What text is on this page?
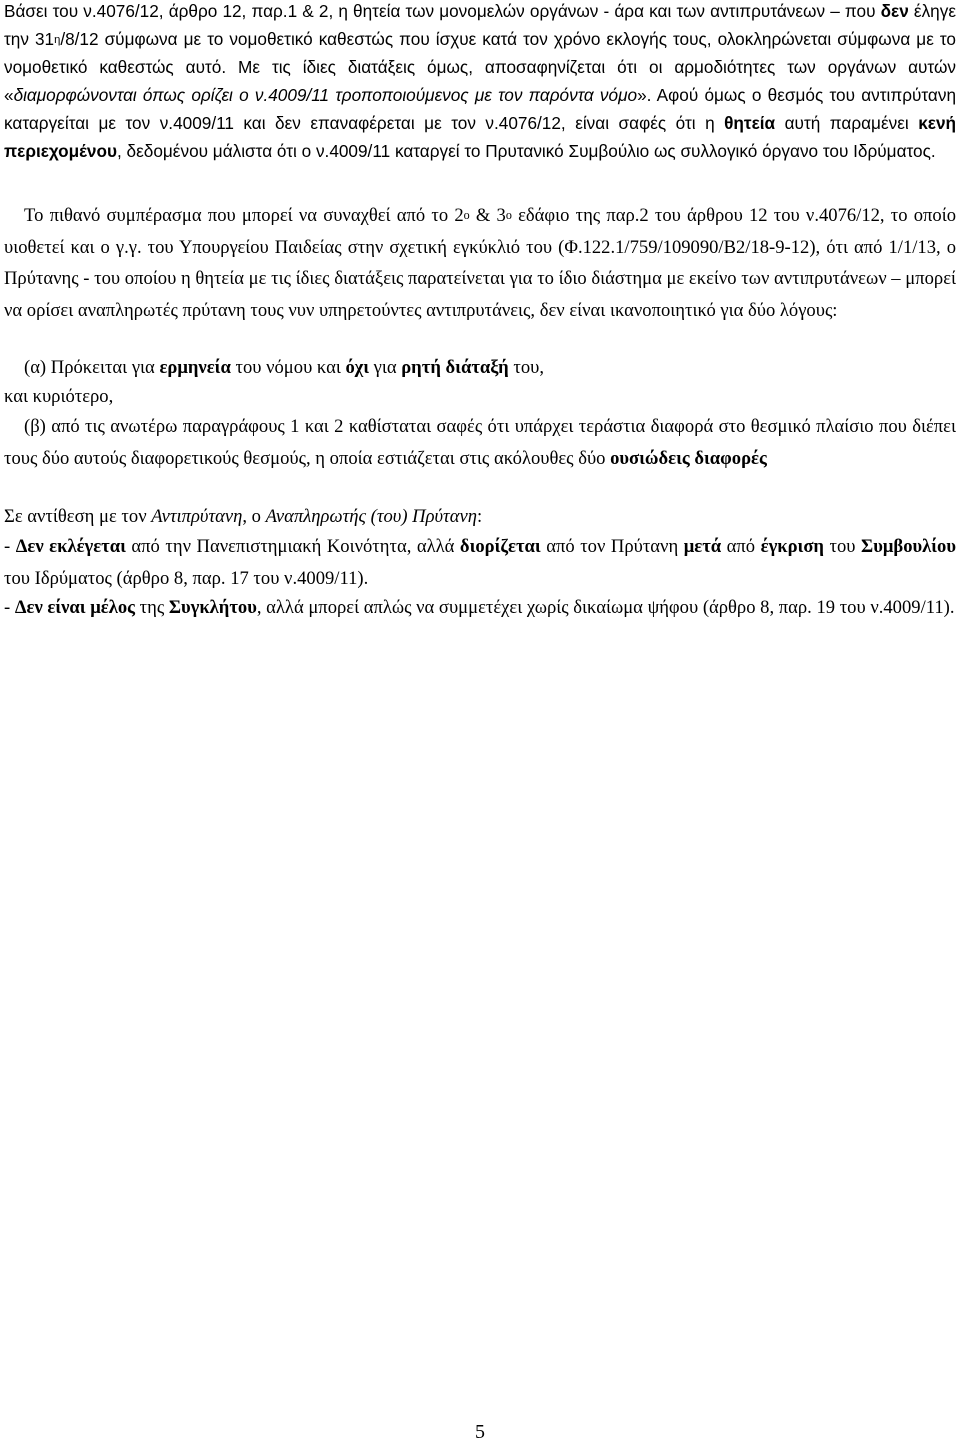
Βάσει του ν.4076/12, άρθρο 12, παρ.1 & 2, η θητεία των μονομελών οργάνων - άρα και των αντιπρυτάνεων – που δεν έληγε την $31^\eta/8/12$ σύμφωνα με το νομοθετικό καθεστώς που ίσχυε κατά τον χρόνο εκλογής τους, ολοκληρώνεται σύμφωνα με το νομοθετικό καθεστώς αυτό. Με τις ίδιες διατάξεις όμως, αποσαφηνίζεται ότι οι αρμοδιότητες των οργάνων αυτών «διαμορφώνονται όπως ορίζει ο ν.4009/11 τροποποιούμενος με τον παρόντα νόμο». Αφού όμως ο θεσμός του αντιπρύτανη καταργείται με τον ν.4009/11 και δεν επαναφέρεται με τον ν.4076/12, είναι σαφές ότι η θητεία αυτή παραμένει κενή περιεχομένου, δεδομένου μάλιστα ότι ο ν.4009/11 καταργεί το Πρυτανικό Συμβούλιο ως συλλογικό όργανο του Ιδρύματος.

Το πιθανό συμπέρασμα που μπορεί να συναχθεί από το $2^o$ & $3^o$ εδάφιο της παρ.2 του άρθρου 12 του ν.4076/12, το οποίο υιοθετεί και ο γ.γ. του Υπουργείου Παιδείας στην σχετική εγκύκλιό του (Φ.122.1/759/109090/Β2/18-9-12), ότι από 1/1/13, ο Πρύτανης - του οποίου η θητεία με τις ίδιες διατάξεις παρατείνεται για το ίδιο διάστημα με εκείνο των αντιπρυτάνεων – μπορεί να ορίσει αναπληρωτές πρύτανη τους νυν υπηρετούντες αντιπρυτάνεις, δεν είναι ικανοποιητικό για δύο λόγους:

(α) Πρόκειται για ερμηνεία του νόμου και όχι για ρητή διάταξή του,

και κυριότερο,

(β) από τις ανωτέρω παραγράφους 1 και 2 καθίσταται σαφές ότι υπάρχει τεράστια διαφορά στο θεσμικό πλαίσιο που διέπει τους δύο αυτούς διαφορετικούς θεσμούς, η οποία εστιάζεται στις ακόλουθες δύο ουσιώδεις διαφορές

Σε αντίθεση με τον Αντιπρύτανη, ο Αναπληρωτής (του) Πρύτανη:

- Δεν εκλέγεται από την Πανεπιστημιακή Κοινότητα, αλλά διορίζεται από τον Πρύτανη μετά από έγκριση του Συμβουλίου του Ιδρύματος (άρθρο 8, παρ. 17 του ν.4009/11).

- Δεν είναι μέλος της Συγκλήτου, αλλά μπορεί απλώς να συμμετέχει χωρίς δικαίωμα ψήφου (άρθρο 8, παρ. 19 του ν.4009/11).

5
